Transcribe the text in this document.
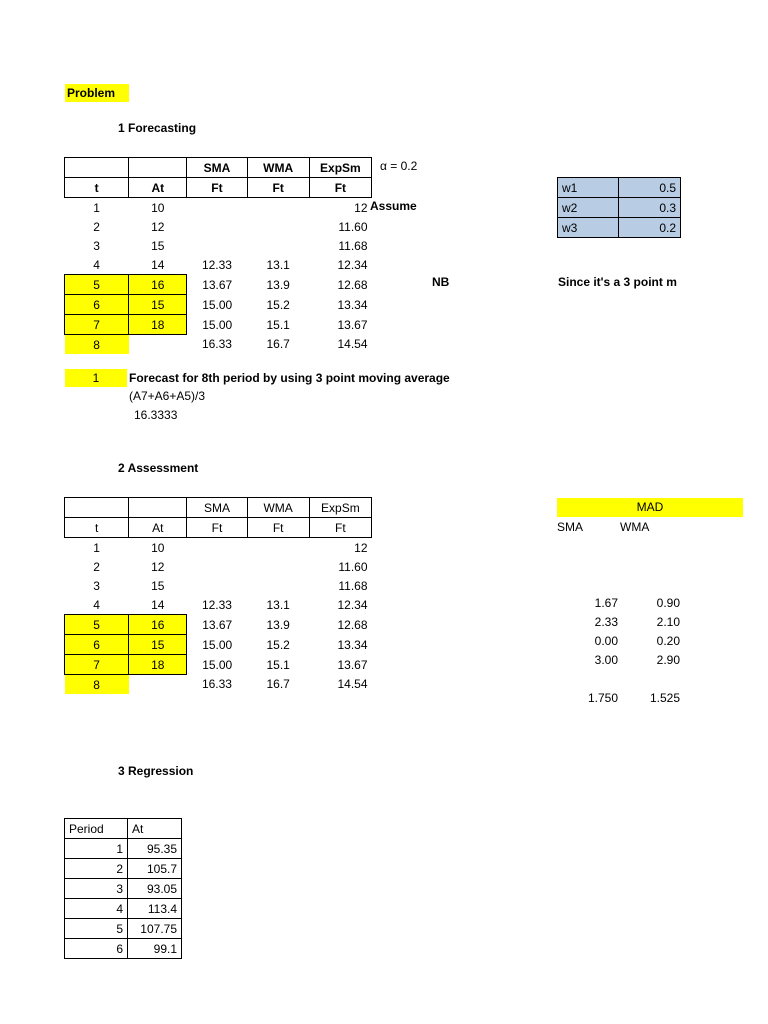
Problem
1 Forecasting
		SMA	WMA	ExpSm
t	At	Ft	Ft	Ft
1	10			12
2	12			11.60
3	15			11.68
4	14	12.33	13.1	12.34
5	16	13.67	13.9	12.68
6	15	15.00	15.2	13.34
7	18	15.00	15.1	13.67
8		16.33	16.7	14.54
α = 0.2
Assume
NB	Since it's a 3 point m
w1	0.5
w2	0.3
w3	0.2
1	Forecast for 8th period by using 3 point moving average
(A7+A6+A5)/3
16.3333
2 Assessment
		SMA	WMA	ExpSm
t	At	Ft	Ft	Ft
1	10			12
2	12			11.60
3	15			11.68
4	14	12.33	13.1	12.34
5	16	13.67	13.9	12.68
6	15	15.00	15.2	13.34
7	18	15.00	15.1	13.67
8		16.33	16.7	14.54
MAD
SMA	WMA
1.67	0.90
2.33	2.10
0.00	0.20
3.00	2.90
1.750	1.525
3 Regression
Period	At
1	95.35
2	105.7
3	93.05
4	113.4
5	107.75
6	99.1
